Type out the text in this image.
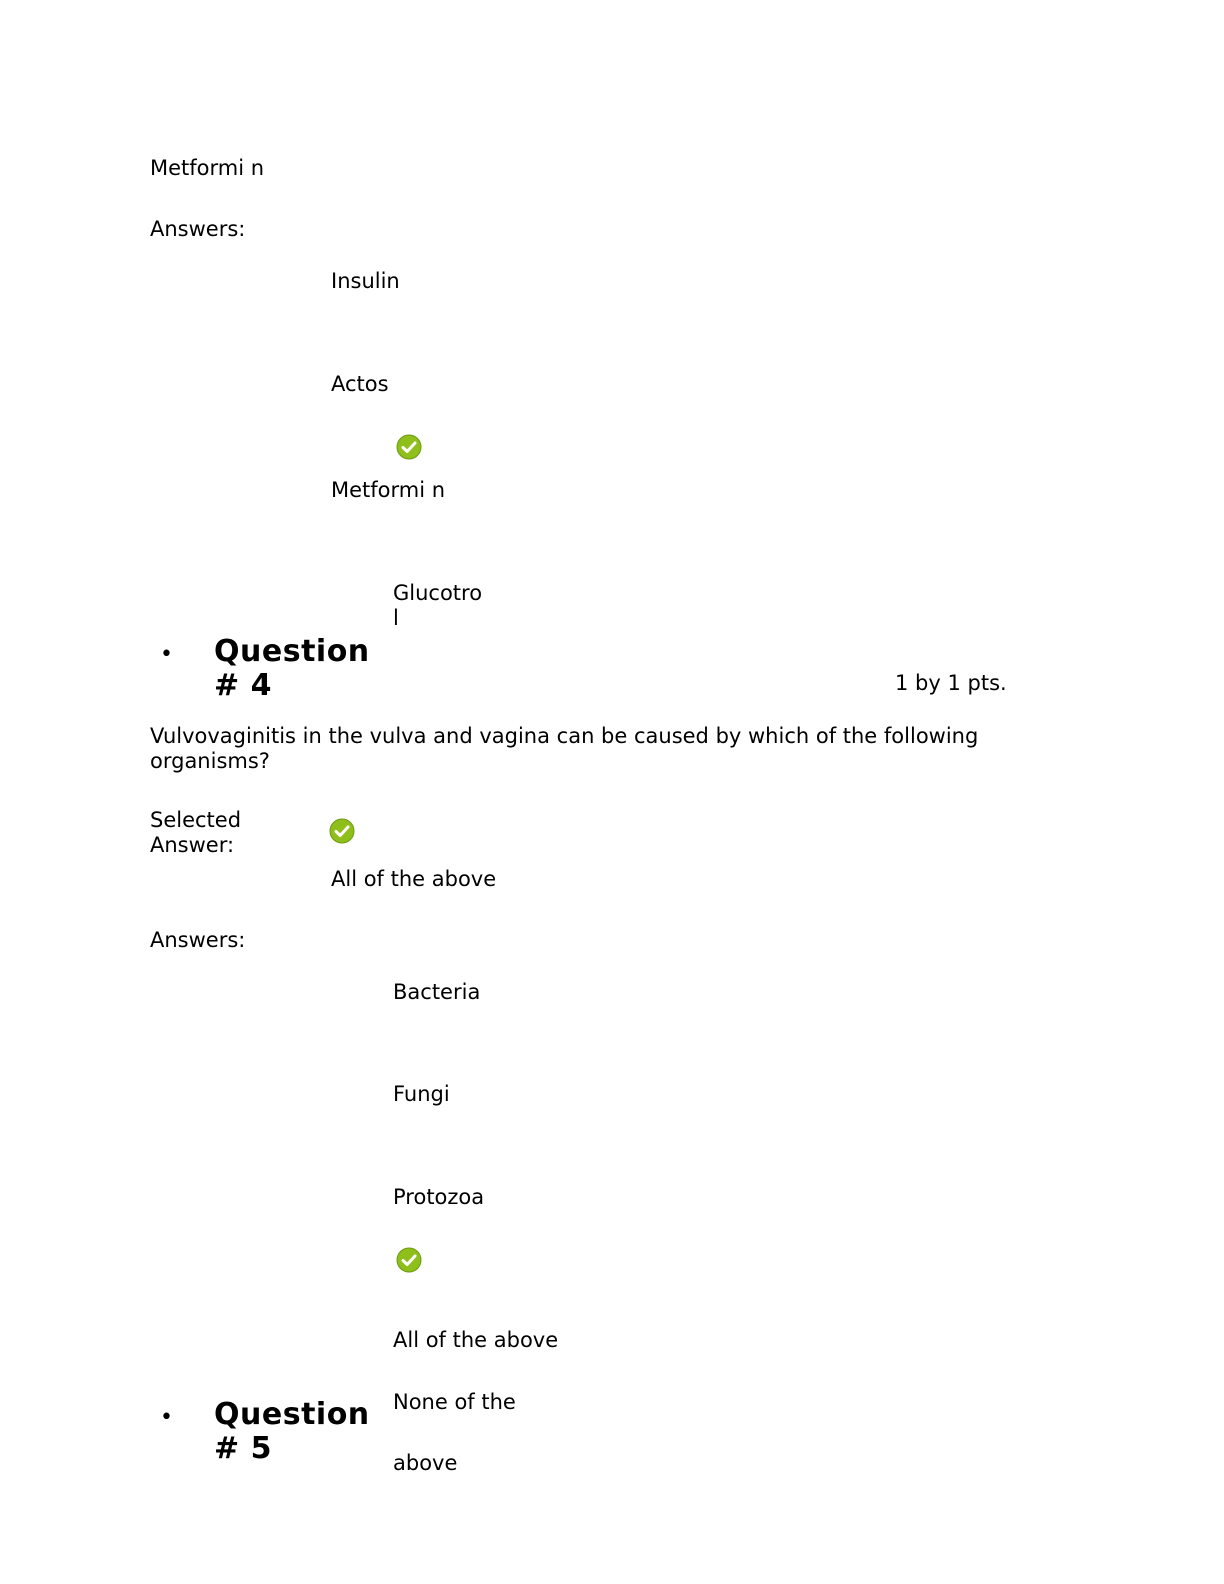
Metformi n
Answers:
Insulin
Actos
Metformi n
Glucotro
l
• Question
# 4	1 by 1 pts.
Vulvovaginitis in the vulva and vagina can be caused by which of the following
organisms?
Selected
Answer:
All of the above
Answers:
Bacteria
Fungi
Protozoa
All of the above
None of the
above
• Question
# 5
